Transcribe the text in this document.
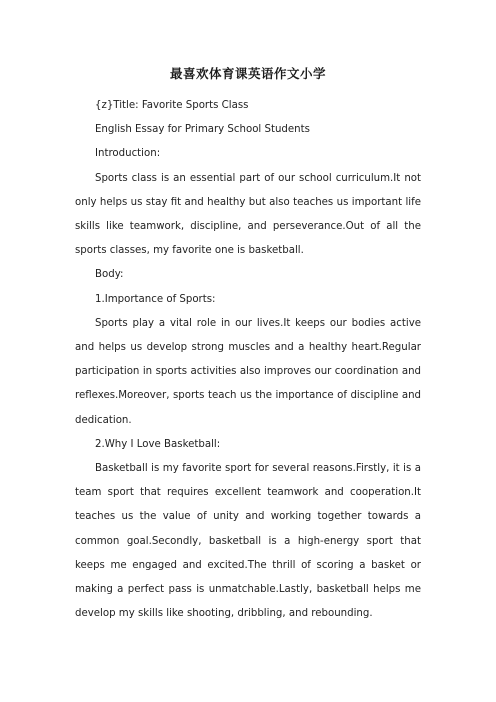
最喜欢体育课英语作文小学

{z}Title: Favorite Sports Class

English Essay for Primary School Students

Introduction:

Sports class is an essential part of our school curriculum.It not only helps us stay fit and healthy but also teaches us important life skills like teamwork, discipline, and perseverance.Out of all the sports classes, my favorite one is basketball.

Body:

1.Importance of Sports:

Sports play a vital role in our lives.It keeps our bodies active and helps us develop strong muscles and a healthy heart.Regular participation in sports activities also improves our coordination and reflexes.Moreover, sports teach us the importance of discipline and dedication.

2.Why I Love Basketball:

Basketball is my favorite sport for several reasons.Firstly, it is a team sport that requires excellent teamwork and cooperation.It teaches us the value of unity and working together towards a common goal.Secondly, basketball is a high-energy sport that keeps me engaged and excited.The thrill of scoring a basket or making a perfect pass is unmatchable.Lastly, basketball helps me develop my skills like shooting, dribbling, and rebounding.
